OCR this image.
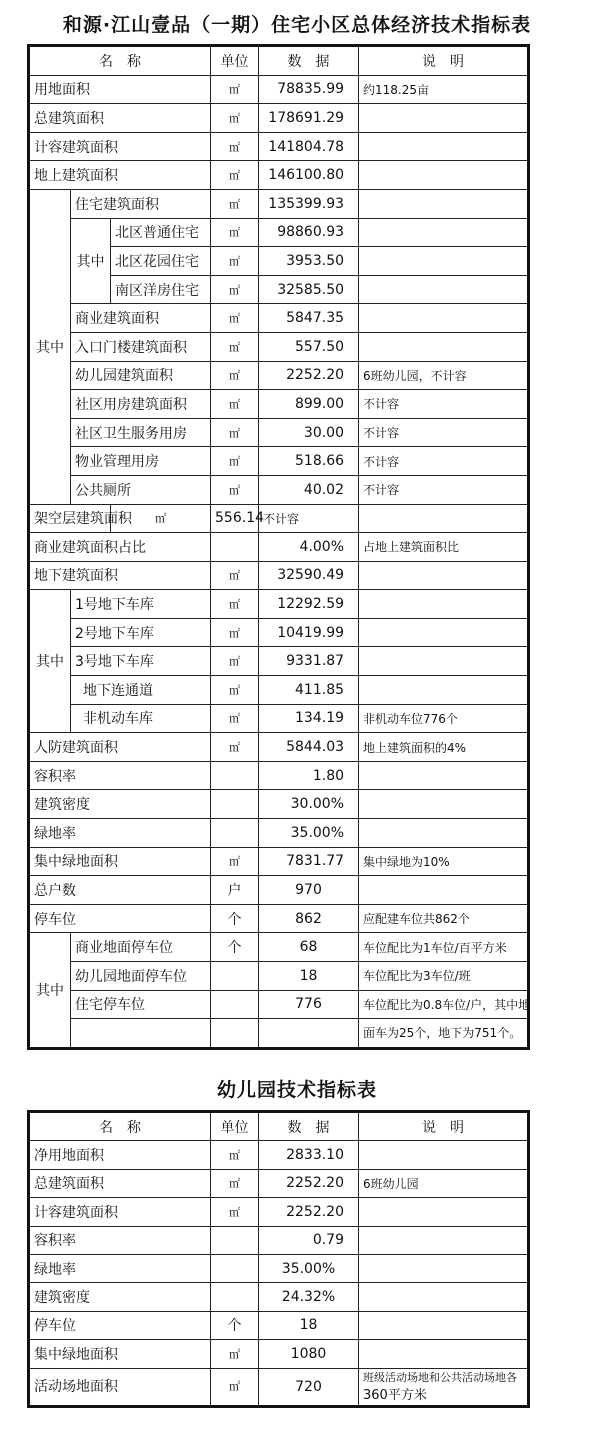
和源·江山壹品（一期）住宅小区总体经济技术指标表
名　称			单位	数　据	说　明
用地面积			㎡	78835.99	约118.25亩
总建筑面积			㎡	178691.29	
计容建筑面积			㎡	141804.78	
地上建筑面积			㎡	146100.80	
其中	住宅建筑面积		㎡	135399.93	
	其中	北区普通住宅	㎡	98860.93	
		北区花园住宅	㎡	3953.50	
		南区洋房住宅	㎡	32585.50	
	商业建筑面积		㎡	5847.35	
	入口门楼建筑面积		㎡	557.50	
	幼儿园建筑面积		㎡	2252.20	6班幼儿园，不计容
	社区用房建筑面积		㎡	899.00	不计容
	社区卫生服务用房		㎡	30.00	不计容
	物业管理用房		㎡	518.66	不计容
	公共厕所		㎡	40.02	不计容
架空层建筑面积		㎡	556.14	不计容	
商业建筑面积占比				4.00%	占地上建筑面积比
地下建筑面积			㎡	32590.49	
其中	1号地下车库		㎡	12292.59	
	2号地下车库		㎡	10419.99	
	3号地下车库		㎡	9331.87	
	地下连通道		㎡	411.85	
	非机动车库		㎡	134.19	非机动车位776个
人防建筑面积			㎡	5844.03	地上建筑面积的4%
容积率				1.80	
建筑密度				30.00%	
绿地率				35.00%	
集中绿地面积			㎡	7831.77	集中绿地为10%
总户数			户	970	
停车位			个	862	应配建车位共862个
其中	商业地面停车位		个	68	车位配比为1车位/百平方米
	幼儿园地面停车位			18	车位配比为3车位/班
	住宅停车位			776	车位配比为0.8车位/户，其中地
					面车为25个，地下为751个。
幼儿园技术指标表
名　称	单位	数　据	说　明
净用地面积	㎡	2833.10	
总建筑面积	㎡	2252.20	6班幼儿园
计容建筑面积	㎡	2252.20	
容积率		0.79	
绿地率		35.00%	
建筑密度		24.32%	
停车位	个	18	
集中绿地面积	㎡	1080	
活动场地面积	㎡	720	班级活动场地和公共活动场地各
360平方米
